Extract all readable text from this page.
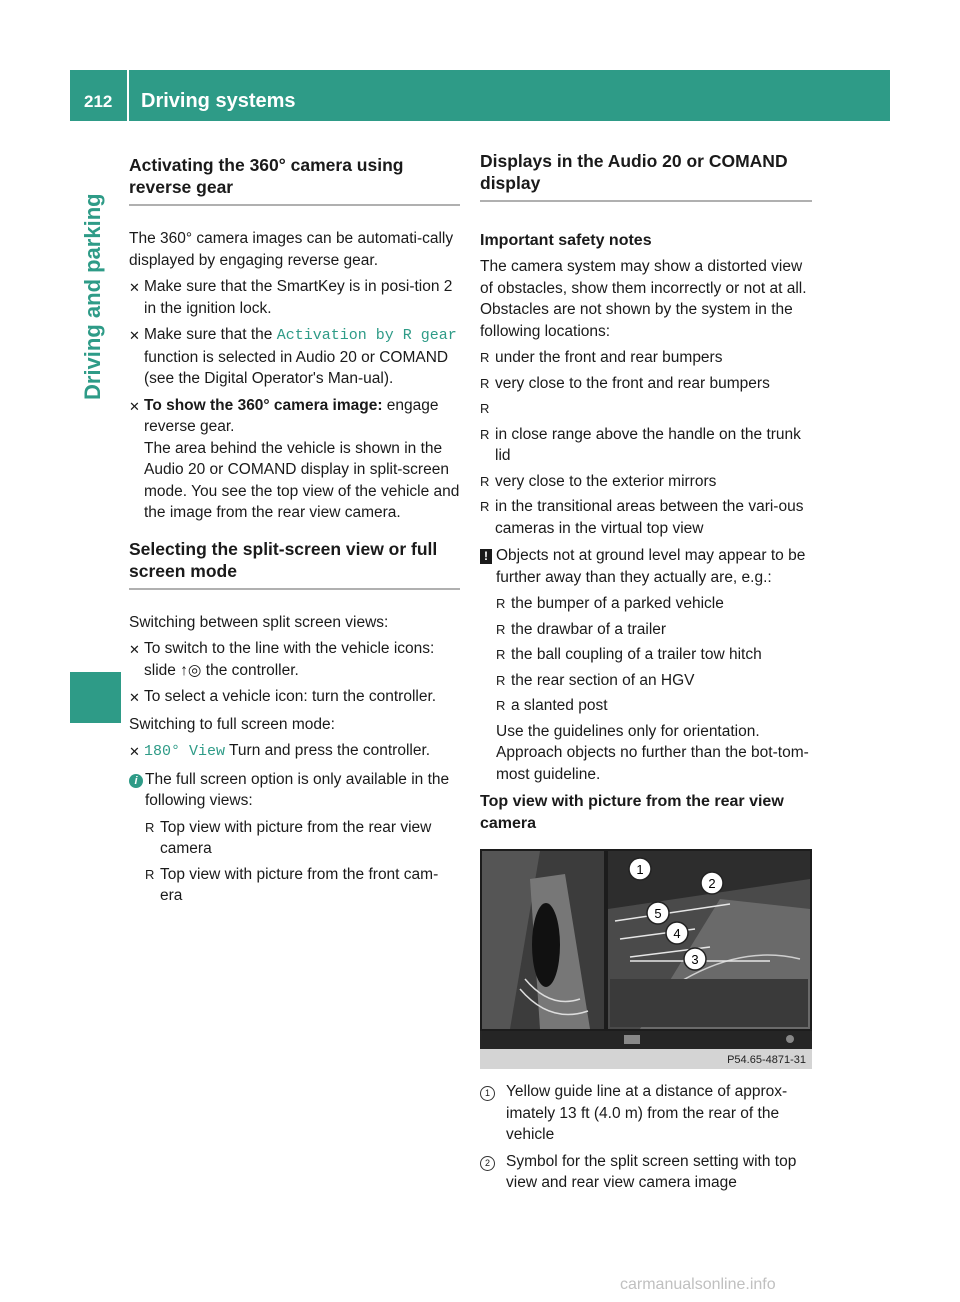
212 Driving systems
Driving and parking
Activating the 360° camera using reverse gear

The 360° camera images can be automati-cally displayed by engaging reverse gear.

✕ Make sure that the SmartKey is in posi-tion 2 in the ignition lock.
✕ Make sure that the Activation by R gear function is selected in Audio 20 or COMAND (see the Digital Operator's Man-ual).
✕ To show the 360° camera image: engage reverse gear.
The area behind the vehicle is shown in the Audio 20 or COMAND display in split-screen mode. You see the top view of the vehicle and the image from the rear view camera.
Selecting the split-screen view or full screen mode

Switching between split screen views:

✕ To switch to the line with the vehicle icons: slide ↑◎ the controller.
✕ To select a vehicle icon: turn the controller.

Switching to full screen mode:

✕ 180° View Turn and press the controller.
i The full screen option is only available in the following views:
R Top view with picture from the rear view camera
R Top view with picture from the front cam-era
Displays in the Audio 20 or COMAND display
Important safety notes

The camera system may show a distorted view of obstacles, show them incorrectly or not at all. Obstacles are not shown by the system in the following locations:

R under the front and rear bumpers
R very close to the front and rear bumpers
R
R in close range above the handle on the trunk lid
R very close to the exterior mirrors
R in the transitional areas between the vari-ous cameras in the virtual top view
! Objects not at ground level may appear to be further away than they actually are, e.g.:
R the bumper of a parked vehicle
R the drawbar of a trailer
R the ball coupling of a trailer tow hitch
R the rear section of an HGV
R a slanted post

Use the guidelines only for orientation. Approach objects no further than the bot-tom-most guideline.

Top view with picture from the rear view camera
1
2
3
4
5
P54.65-4871-31
1	Yellow guide line at a distance of approx-imately 13 ft (4.0 m) from the rear of the vehicle
2	Symbol for the split screen setting with top view and rear view camera image
carmanualsonline.info
